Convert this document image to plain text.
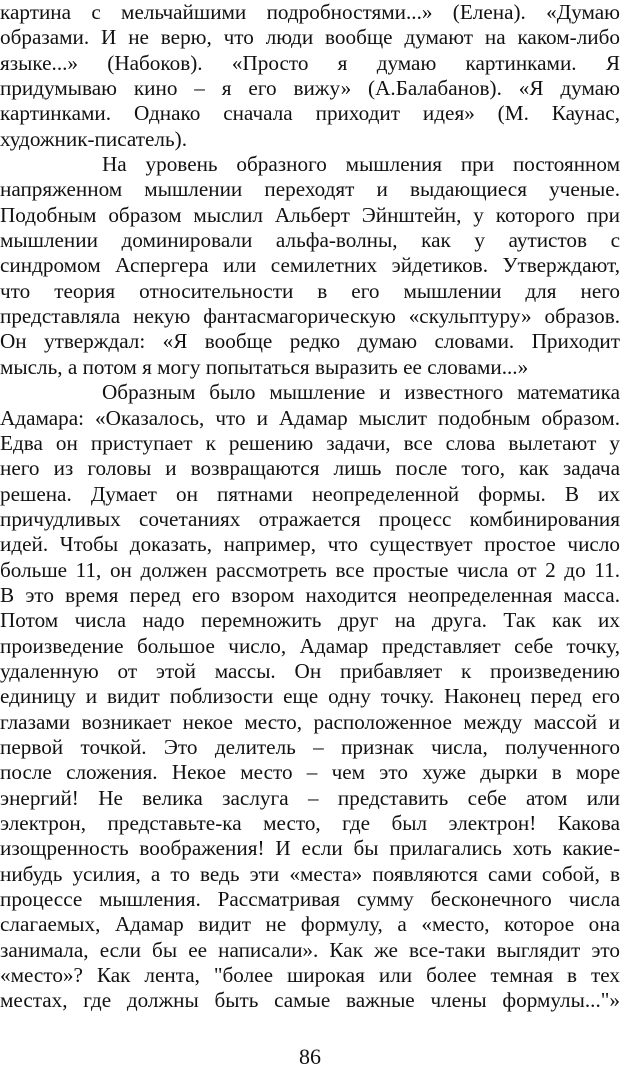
картина с мельчайшими подробностями...» (Елена). «Думаю
образами. И не верю, что люди вообще думают на каком-либо
языке...» (Набоков). «Просто я думаю картинками. Я
придумываю кино – я его вижу» (А.Балабанов). «Я думаю
картинками. Однако сначала приходит идея» (М. Каунас,
художник-писатель).
На уровень образного мышления при постоянном
напряженном мышлении переходят и выдающиеся ученые.
Подобным образом мыслил Альберт Эйнштейн, у которого при
мышлении доминировали альфа-волны, как у аутистов с
синдромом Аспергера или семилетних эйдетиков. Утверждают,
что теория относительности в его мышлении для него
представляла некую фантасмагорическую «скульптуру» образов.
Он утверждал: «Я вообще редко думаю словами. Приходит
мысль, а потом я могу попытаться выразить ее словами...»
Образным было мышление и известного математика
Адамара: «Оказалось, что и Адамар мыслит подобным образом.
Едва он приступает к решению задачи, все слова вылетают у
него из головы и возвращаются лишь после того, как задача
решена. Думает он пятнами неопределенной формы. В их
причудливых сочетаниях отражается процесс комбинирования
идей. Чтобы доказать, например, что существует простое число
больше 11, он должен рассмотреть все простые числа от 2 до 11.
В это время перед его взором находится неопределенная масса.
Потом числа надо перемножить друг на друга. Так как их
произведение большое число, Адамар представляет себе точку,
удаленную от этой массы. Он прибавляет к произведению
единицу и видит поблизости еще одну точку. Наконец перед его
глазами возникает некое место, расположенное между массой и
первой точкой. Это делитель – признак числа, полученного
после сложения. Некое место – чем это хуже дырки в море
энергий! Не велика заслуга – представить себе атом или
электрон, представьте-ка место, где был электрон! Какова
изощренность воображения! И если бы прилагались хоть какие-
нибудь усилия, а то ведь эти «места» появляются сами собой, в
процессе мышления. Рассматривая сумму бесконечного числа
слагаемых, Адамар видит не формулу, а «место, которое она
занимала, если бы ее написали». Как же все-таки выглядит это
«место»? Как лента, "более широкая или более темная в тех
местах, где должны быть самые важные члены формулы..."»
86
